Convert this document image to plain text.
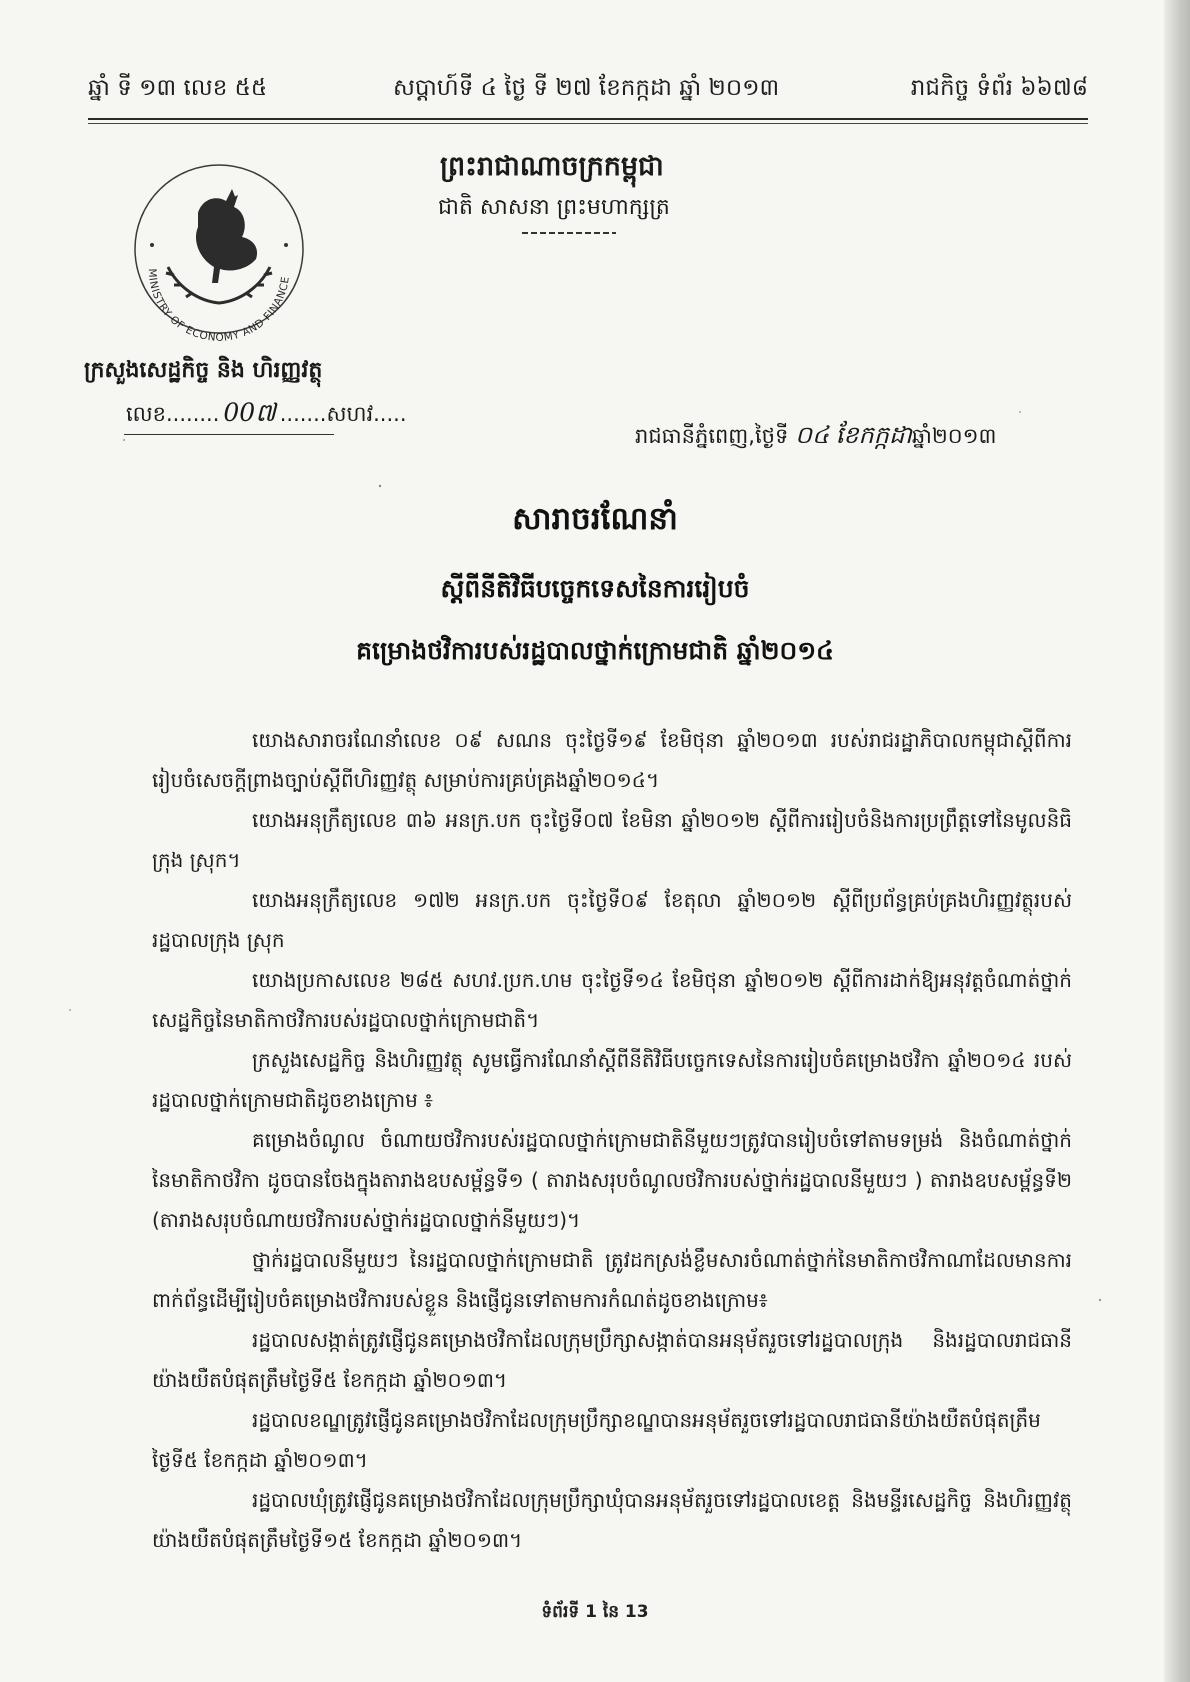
ឆ្នាំ ទី ១៣ លេខ ៥៥	សប្តាហ៍ទី ៤ ថ្ងៃ ទី ២៧ ខែកក្កដា ឆ្នាំ ២០១៣	រាជកិច្ច ទំព័រ ៦៦៧៨
ព្រះរាជាណាចក្រកម្ពុជា
ជាតិ សាសនា ព្រះមហាក្សត្រ
MINISTRY OF ECONOMY AND FINANCE
ក្រសួងសេដ្ឋកិច្ច និង ហិរញ្ញវត្ថុ
លេខ........ 00៧ .......សហវ.....
រាជធានីភ្នំពេញ,ថ្ងៃទី ០៤ ខែកក្កដាឆ្នាំ២០១៣
សារាចរណែនាំ
ស្តីពីនីតិវិធីបច្ចេកទេសនៃការរៀបចំ
គម្រោងថវិការបស់រដ្ឋបាលថ្នាក់ក្រោមជាតិ ឆ្នាំ២០១៤

យោងសារាចរណែនាំលេខ ០៩ សណន ចុះថ្ងៃទី១៩ ខែមិថុនា ឆ្នាំ២០១៣ របស់រាជរដ្ឋាភិបាលកម្ពុជាស្តីពីការរៀបចំសេចក្តីព្រាងច្បាប់ស្តីពីហិរញ្ញវត្ថុ សម្រាប់ការគ្រប់គ្រងឆ្នាំ២០១៤។

យោងអនុក្រឹត្យលេខ ៣៦ អនក្រ.បក ចុះថ្ងៃទី០៧ ខែមិនា ឆ្នាំ២០១២ ស្តីពីការរៀបចំនិងការប្រព្រឹត្តទៅនៃមូលនិធិក្រុង ស្រុក។

យោងអនុក្រឹត្យលេខ ១៧២ អនក្រ.បក ចុះថ្ងៃទី០៩ ខែតុលា ឆ្នាំ២០១២ ស្តីពីប្រព័ន្ធគ្រប់គ្រងហិរញ្ញវត្ថុរបស់រដ្ឋបាលក្រុង ស្រុក

យោងប្រកាសលេខ ២៨៥ សហវ.ប្រក.ហម ចុះថ្ងៃទី១៤ ខែមិថុនា ឆ្នាំ២០១២ ស្តីពីការដាក់ឱ្យអនុវត្តចំណាត់ថ្នាក់សេដ្ឋកិច្ចនៃមាតិកាថវិការបស់រដ្ឋបាលថ្នាក់ក្រោមជាតិ។

ក្រសួងសេដ្ឋកិច្ច និងហិរញ្ញវត្ថុ សូមធ្វើការណែនាំស្តីពីនីតិវិធីបច្ចេកទេសនៃការរៀបចំគម្រោងថវិកា ឆ្នាំ២០១៤ របស់រដ្ឋបាលថ្នាក់ក្រោមជាតិដូចខាងក្រោម ៖

គម្រោងចំណូល ចំណាយថវិការបស់រដ្ឋបាលថ្នាក់ក្រោមជាតិនីមួយៗត្រូវបានរៀបចំទៅតាមទម្រង់ និងចំណាត់ថ្នាក់នៃមាតិកាថវិកា ដូចបានចែងក្នុងតារាងឧបសម្ព័ន្ធទី១ ( តារាងសរុបចំណូលថវិការបស់ថ្នាក់រដ្ឋបាលនីមួយៗ ) តារាងឧបសម្ព័ន្ធទី២ (តារាងសរុបចំណាយថវិការបស់ថ្នាក់រដ្ឋបាលថ្នាក់នីមួយៗ)។

ថ្នាក់រដ្ឋបាលនីមួយៗ នៃរដ្ឋបាលថ្នាក់ក្រោមជាតិ ត្រូវដកស្រង់ខ្លឹមសារចំណាត់ថ្នាក់នៃមាតិកាថវិកាណាដែលមានការពាក់ព័ន្ធដើម្បីរៀបចំគម្រោងថវិការបស់ខ្លួន និងផ្ញើជូនទៅតាមការកំណត់ដូចខាងក្រោម៖

រដ្ឋបាលសង្កាត់ត្រូវផ្ញើជូនគម្រោងថវិកាដែលក្រុមប្រឹក្សាសង្កាត់បានអនុម័តរួចទៅរដ្ឋបាលក្រុង និងរដ្ឋបាលរាជធានីយ៉ាងយឺតបំផុតត្រឹមថ្ងៃទី៥ ខែកក្កដា ឆ្នាំ២០១៣។

រដ្ឋបាលខណ្ឌត្រូវផ្ញើជូនគម្រោងថវិកាដែលក្រុមប្រឹក្សាខណ្ឌបានអនុម័តរួចទៅរដ្ឋបាលរាជធានីយ៉ាងយឺតបំផុតត្រឹមថ្ងៃទី៥ ខែកក្កដា ឆ្នាំ២០១៣។

រដ្ឋបាលឃុំត្រូវផ្ញើជូនគម្រោងថវិកាដែលក្រុមប្រឹក្សាឃុំបានអនុម័តរួចទៅរដ្ឋបាលខេត្ត និងមន្ទីរសេដ្ឋកិច្ច និងហិរញ្ញវត្ថុយ៉ាងយឺតបំផុតត្រឹមថ្ងៃទី១៥ ខែកក្កដា ឆ្នាំ២០១៣។

ទំព័រទី 1 នៃ 13
